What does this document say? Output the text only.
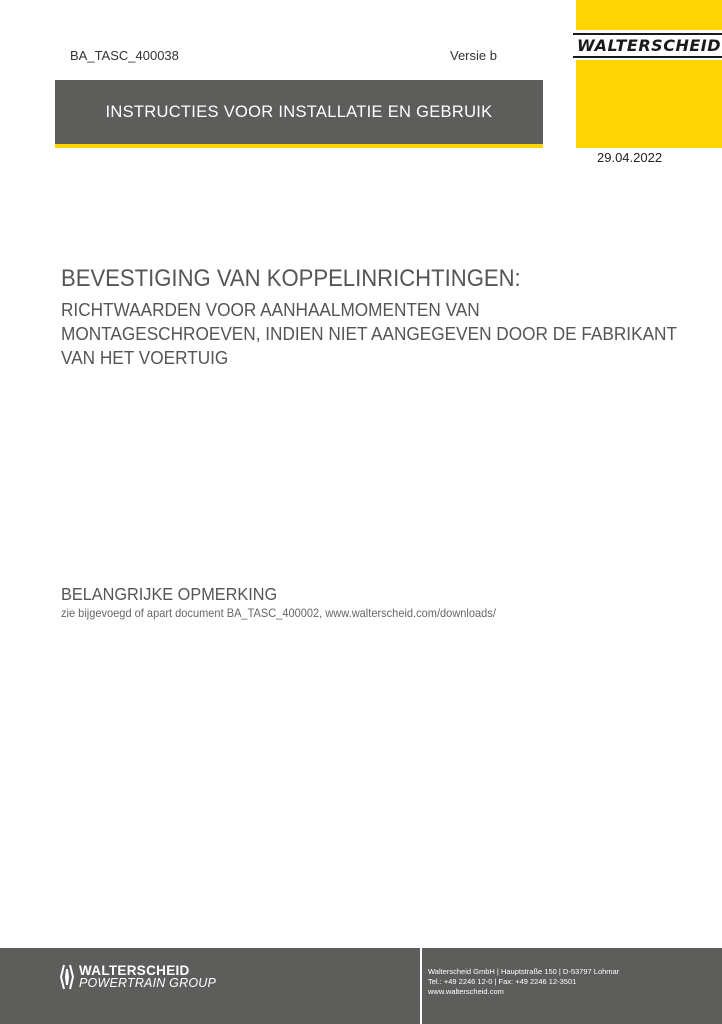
BA_TASC_400038	Versie b
WALTERSCHEID
INSTRUCTIES VOOR INSTALLATIE EN GEBRUIK
29.04.2022
BEVESTIGING VAN KOPPELINRICHTINGEN:
RICHTWAARDEN VOOR AANHAALMOMENTEN VAN
MONTAGESCHROEVEN, INDIEN NIET AANGEGEVEN DOOR DE FABRIKANT
VAN HET VOERTUIG
BELANGRIJKE OPMERKING
zie bijgevoegd of apart document BA_TASC_400002, www.walterscheid.com/downloads/
WALTERSCHEID
POWERTRAIN GROUP
Walterscheid GmbH | Hauptstraße 150 | D-53797 Lohmar
Tel.: +49 2246 12-0 | Fax: +49 2246 12-3501
www.walterscheid.com
